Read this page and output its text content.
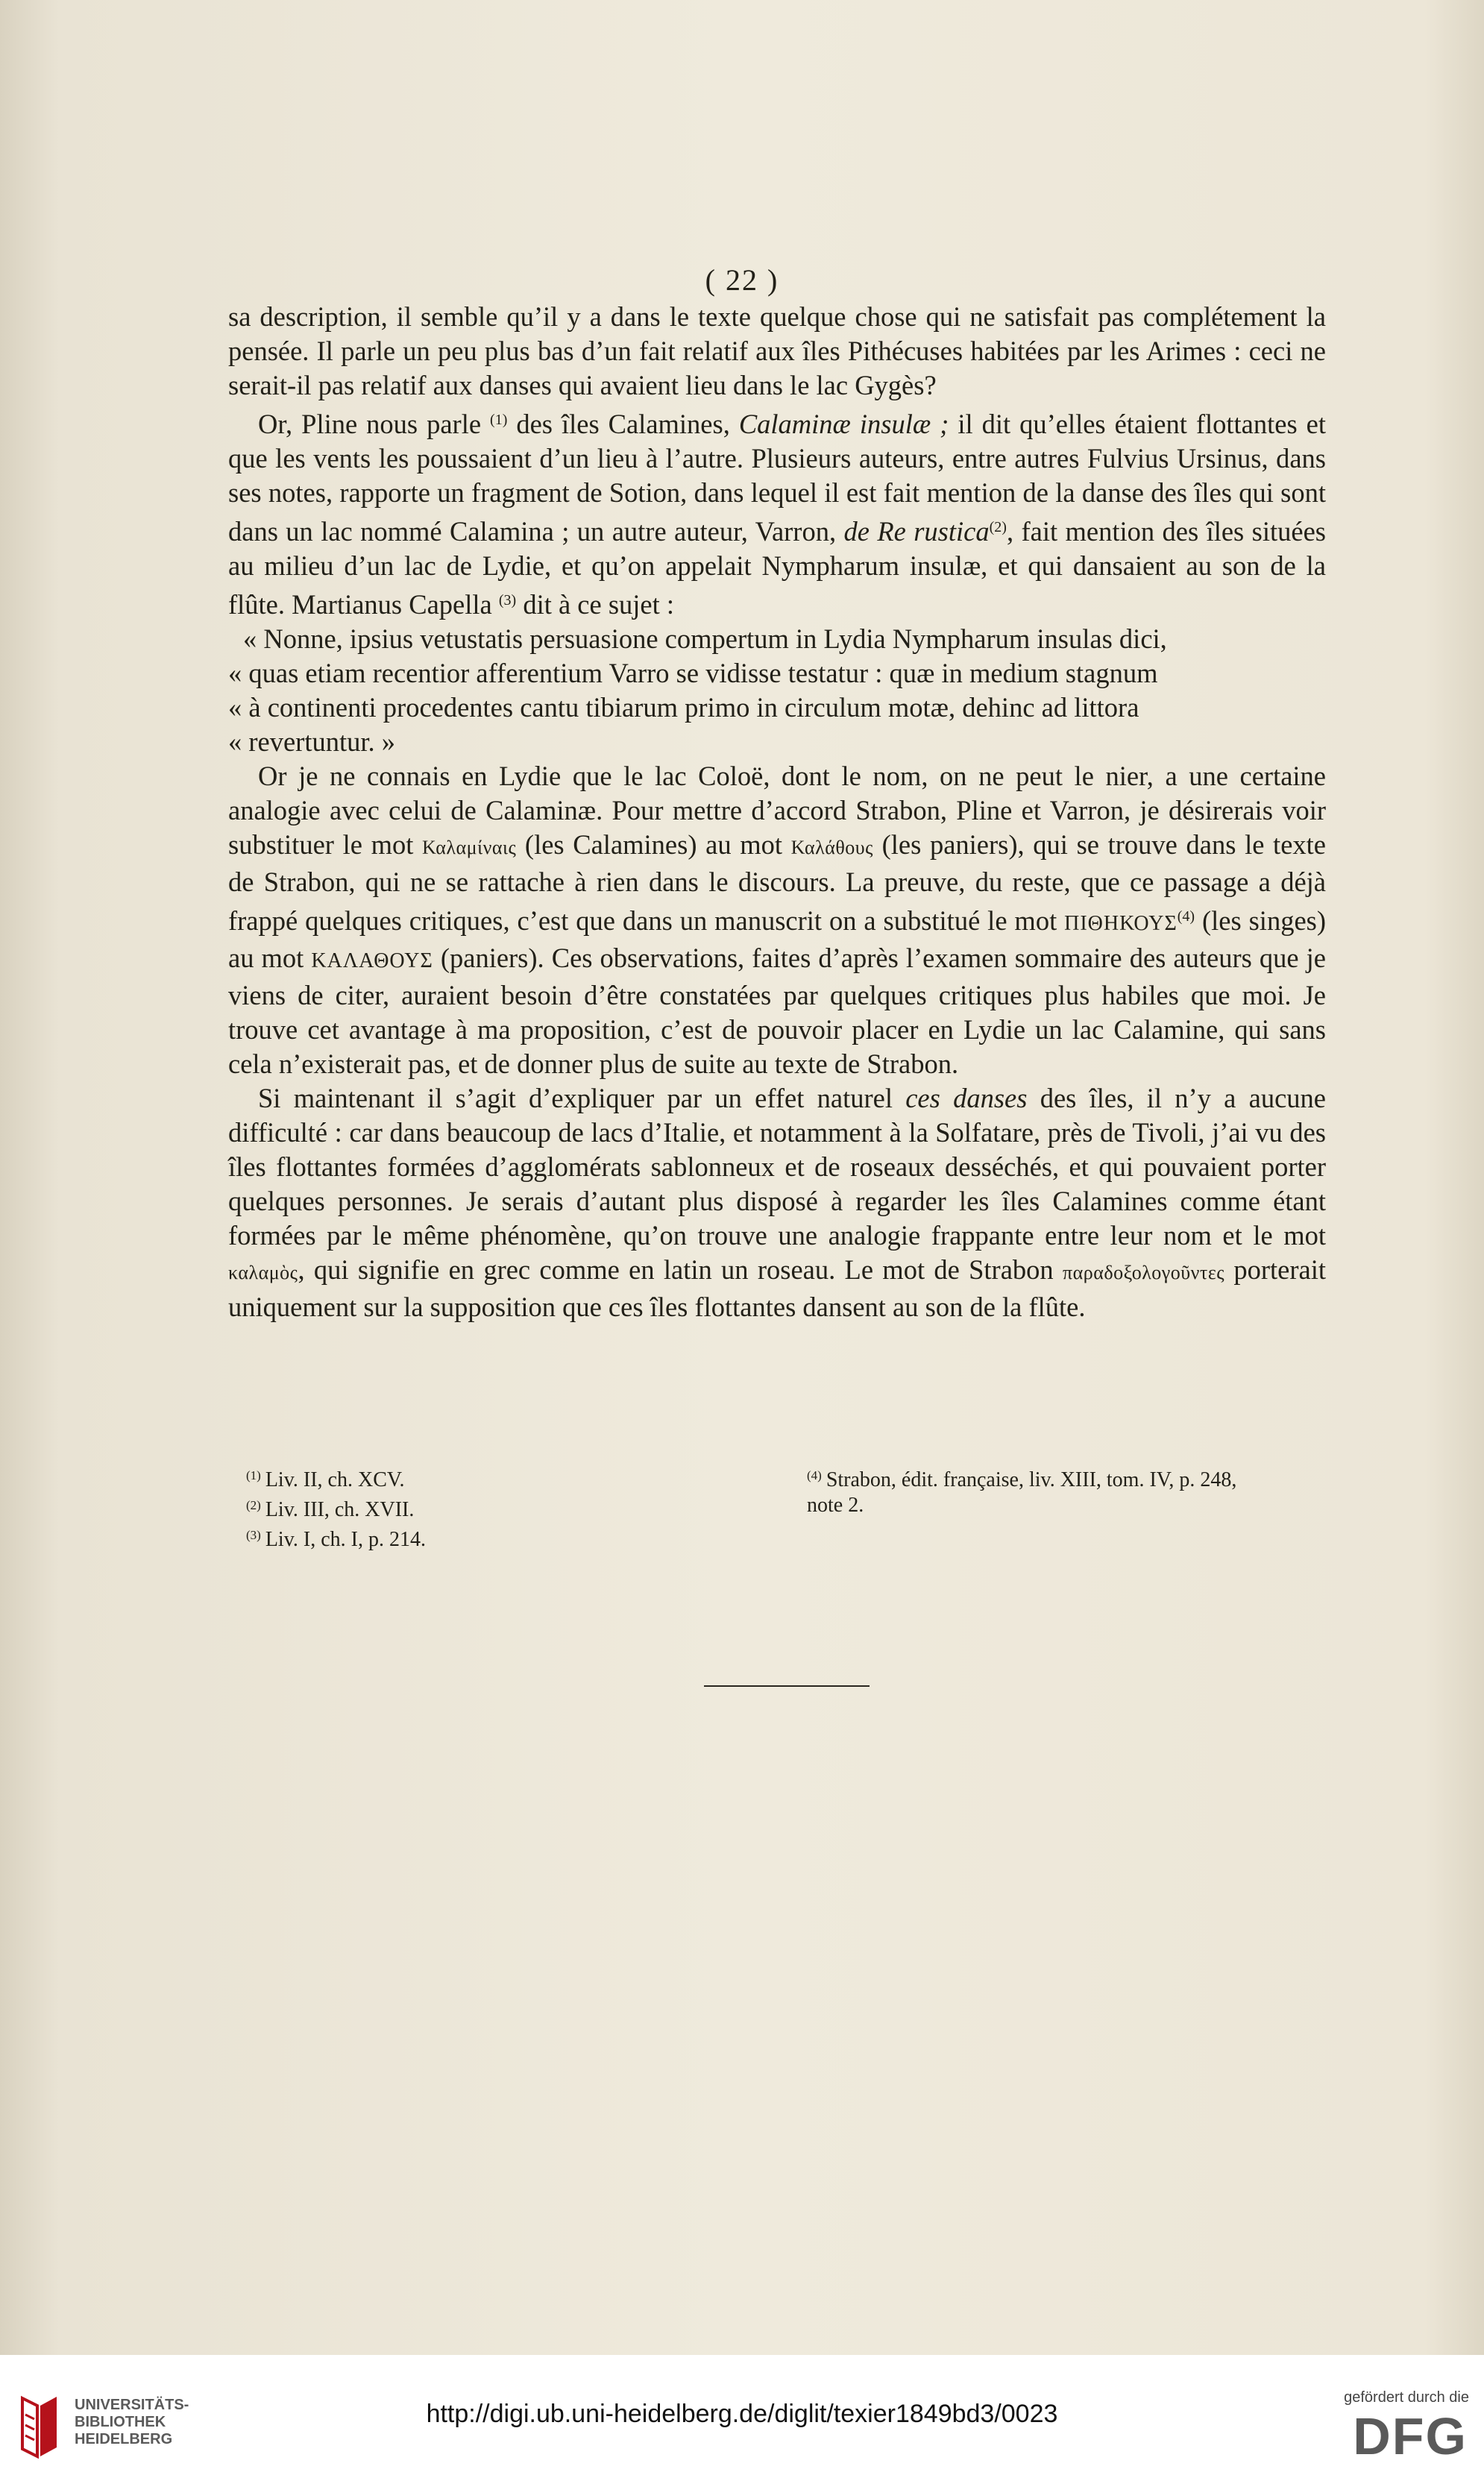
( 22 )

sa description, il semble qu’il y a dans le texte quelque chose qui ne satisfait pas complétement la pensée. Il parle un peu plus bas d’un fait relatif aux îles Pithécuses habitées par les Arimes : ceci ne serait-il pas relatif aux danses qui avaient lieu dans le lac Gygès?

Or, Pline nous parle $^{(1)}$ des îles Calamines, Calaminæ insulæ ; il dit qu’elles étaient flottantes et que les vents les poussaient d’un lieu à l’autre. Plusieurs auteurs, entre autres Fulvius Ursinus, dans ses notes, rapporte un fragment de Sotion, dans lequel il est fait mention de la danse des îles qui sont dans un lac nommé Calamina ; un autre auteur, Varron, de Re rustica$^{(2)}$, fait mention des îles situées au milieu d’un lac de Lydie, et qu’on appelait Nympharum insulæ, et qui dansaient au son de la flûte. Martianus Capella $^{(3)}$ dit à ce sujet :

« Nonne, ipsius vetustatis persuasione compertum in Lydia Nympharum insulas dici,
« quas etiam recentior afferentium Varro se vidisse testatur : quæ in medium stagnum
« à continenti procedentes cantu tibiarum primo in circulum motæ, dehinc ad littora
« revertuntur. »

Or je ne connais en Lydie que le lac Coloë, dont le nom, on ne peut le nier, a une certaine analogie avec celui de Calaminæ. Pour mettre d’accord Strabon, Pline et Varron, je désirerais voir substituer le mot Καλαμίναις (les Calamines) au mot Καλάθους (les paniers), qui se trouve dans le texte de Strabon, qui ne se rattache à rien dans le discours. La preuve, du reste, que ce passage a déjà frappé quelques critiques, c’est que dans un manuscrit on a substitué le mot ΠΙΘΗΚΟΥΣ$^{(4)}$ (les singes) au mot ΚΑΛΑΘΟΥΣ (paniers). Ces observations, faites d’après l’examen sommaire des auteurs que je viens de citer, auraient besoin d’être constatées par quelques critiques plus habiles que moi. Je trouve cet avantage à ma proposition, c’est de pouvoir placer en Lydie un lac Calamine, qui sans cela n’existerait pas, et de donner plus de suite au texte de Strabon.

Si maintenant il s’agit d’expliquer par un effet naturel ces danses des îles, il n’y a aucune difficulté : car dans beaucoup de lacs d’Italie, et notamment à la Solfatare, près de Tivoli, j’ai vu des îles flottantes formées d’agglomérats sablonneux et de roseaux desséchés, et qui pouvaient porter quelques personnes. Je serais d’autant plus disposé à regarder les îles Calamines comme étant formées par le même phénomène, qu’on trouve une analogie frappante entre leur nom et le mot καλαμὸς, qui signifie en grec comme en latin un roseau. Le mot de Strabon παραδοξολογοῦντες porterait uniquement sur la supposition que ces îles flottantes dansent au son de la flûte.

$^{(1)}$ Liv. II, ch. XCV.
$^{(2)}$ Liv. III, ch. XVII.
$^{(3)}$ Liv. I, ch. I, p. 214.
$^{(4)}$ Strabon, édit. française, liv. XIII, tom. IV, p. 248,
note 2.
UNIVERSITÄTS-
BIBLIOTHEK
HEIDELBERG
http://digi.ub.uni-heidelberg.de/diglit/texier1849bd3/0023
gefördert durch die
DFG
